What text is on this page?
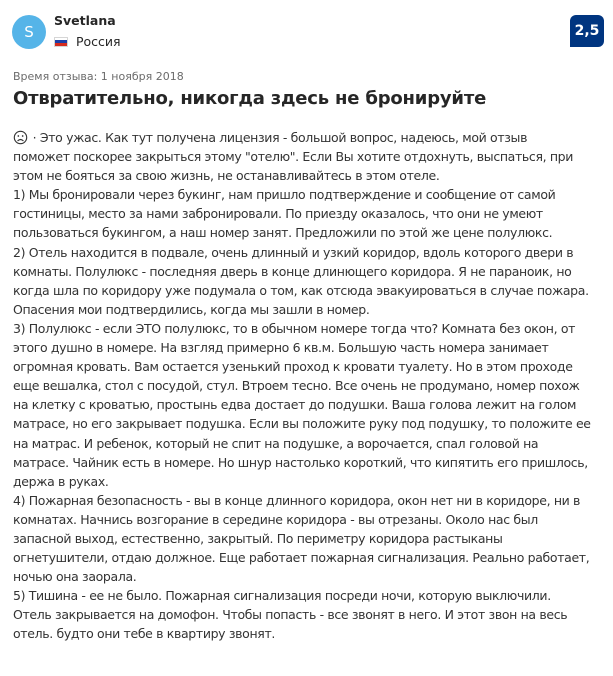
S
Svetlana
Россия
2,5
Время отзыва: 1 ноября 2018
Отвратительно, никогда здесь не бронируйте
· Это ужас. Как тут получена лицензия - большой вопрос, надеюсь, мой отзыв
поможет поскорее закрыться этому "отелю". Если Вы хотите отдохнуть, выспаться, при
этом не бояться за свою жизнь, не останавливайтесь в этом отеле.
1) Мы бронировали через букинг, нам пришло подтверждение и сообщение от самой
гостиницы, место за нами забронировали. По приезду оказалось, что они не умеют
пользоваться букингом, а наш номер занят. Предложили по этой же цене полулюкс.
2) Отель находится в подвале, очень длинный и узкий коридор, вдоль которого двери в
комнаты. Полулюкс - последняя дверь в конце длинющего коридора. Я не параноик, но
когда шла по коридору уже подумала о том, как отсюда эвакуироваться в случае пожара.
Опасения мои подтвердились, когда мы зашли в номер.
3) Полулюкс - если ЭТО полулюкс, то в обычном номере тогда что? Комната без окон, от
этого душно в номере. На взгляд примерно 6 кв.м. Большую часть номера занимает
огромная кровать. Вам остается узенький проход к кровати туалету. Но в этом проходе
еще вешалка, стол с посудой, стул. Втроем тесно. Все очень не продумано, номер похож
на клетку с кроватью, простынь едва достает до подушки. Ваша голова лежит на голом
матрасе, но его закрывает подушка. Если вы положите руку под подушку, то положите ее
на матрас. И ребенок, который не спит на подушке, а ворочается, спал головой на
матрасе. Чайник есть в номере. Но шнур настолько короткий, что кипятить его пришлось,
держа в руках.
4) Пожарная безопасность - вы в конце длинного коридора, окон нет ни в коридоре, ни в
комнатах. Начнись возгорание в середине коридора - вы отрезаны. Около нас был
запасной выход, естественно, закрытый. По периметру коридора растыканы
огнетушители, отдаю должное. Еще работает пожарная сигнализация. Реально работает,
ночью она заорала.
5) Тишина - ее не было. Пожарная сигнализация посреди ночи, которую выключили.
Отель закрывается на домофон. Чтобы попасть - все звонят в него. И этот звон на весь
отель. будто они тебе в квартиру звонят.
